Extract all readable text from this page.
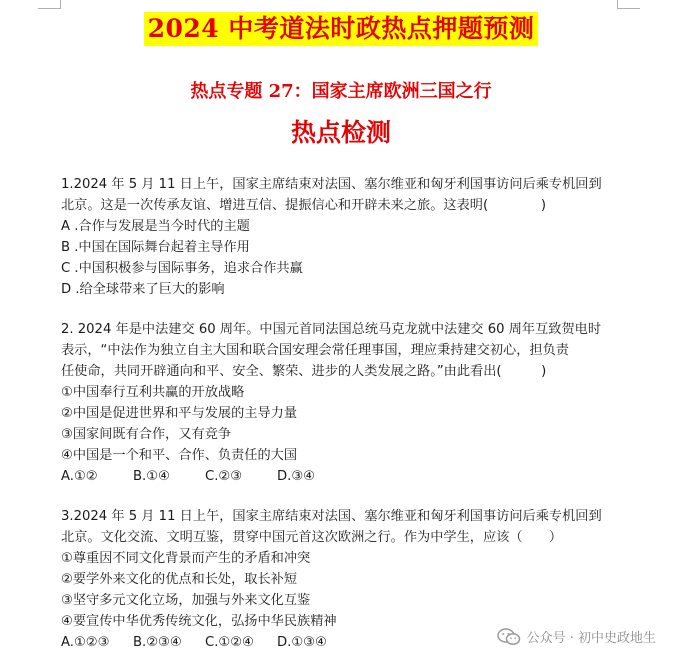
2024 中考道法时政热点押题预测
热点专题 27：国家主席欧洲三国之行
热点检测
1.2024 年 5 月 11 日上午，国家主席结束对法国、塞尔维亚和匈牙利国事访问后乘专机回到
北京。这是一次传承友谊、增进互信、提振信心和开辟未来之旅。这表明(　　　　)
A .合作与发展是当今时代的主题
B .中国在国际舞台起着主导作用
C .中国积极参与国际事务，追求合作共赢
D .给全球带来了巨大的影响
2. 2024 年是中法建交 60 周年。中国元首同法国总统马克龙就中法建交 60 周年互致贺电时
表示，“中法作为独立自主大国和联合国安理会常任理事国，理应秉持建交初心，担负责
任使命，共同开辟通向和平、安全、繁荣、进步的人类发展之路。”由此看出(　　　)
①中国奉行互利共赢的开放战略
②中国是促进世界和平与发展的主导力量
③国家间既有合作，又有竞争
④中国是一个和平、合作、负责任的大国
A.①②	B.①④	C.②③	D.③④
3.2024 年 5 月 11 日上午，国家主席结束对法国、塞尔维亚和匈牙利国事访问后乘专机回到
北京。文化交流、文明互鉴，贯穿中国元首这次欧洲之行。作为中学生，应该（　　）
①尊重因不同文化背景而产生的矛盾和冲突
②要学外来文化的优点和长处，取长补短
③坚守多元文化立场，加强与外来文化互鉴
④要宣传中华优秀传统文化，弘扬中华民族精神
A.①②③ B.②③④ C.①②④ D.①③④	公众号 · 初中史政地生
